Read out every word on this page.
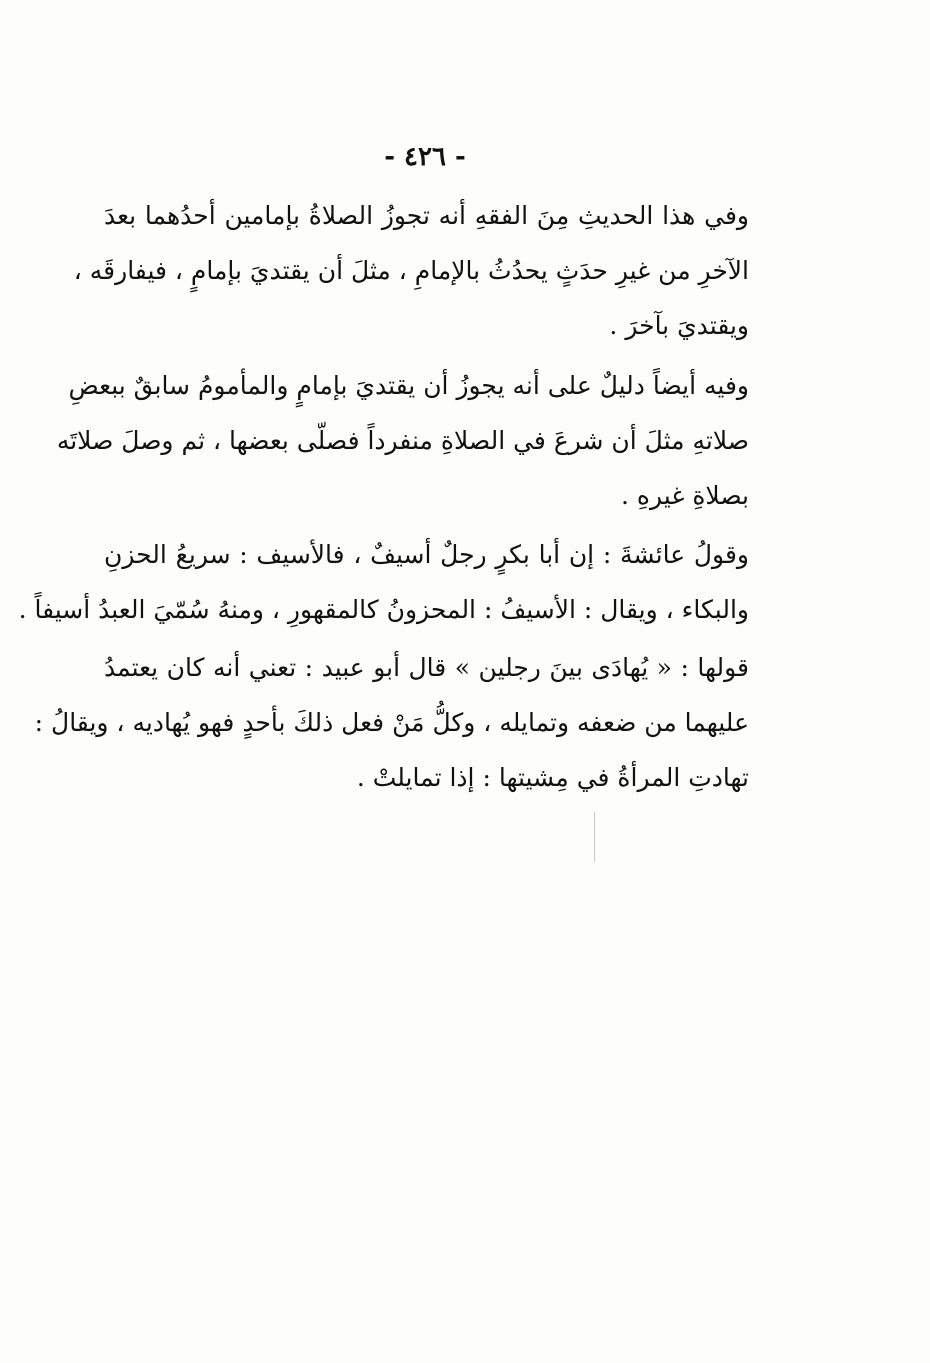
- ٤٢٦ -
وفي هذا الحديثِ مِنَ الفقهِ أنه تجوزُ الصلاةُ بإمامين أحدُهما بعدَ
الآخرِ من غيرِ حدَثٍ يحدُثُ بالإمامِ ، مثلَ أن يقتديَ بإمامٍ ، فيفارقَه ،
ويقتديَ بآخرَ .
وفيه أيضاً دليلٌ على أنه يجوزُ أن يقتديَ بإمامٍ والمأمومُ سابقٌ ببعضِ
صلاتهِ مثلَ أن شرعَ في الصلاةِ منفرداً فصلّى بعضها ، ثم وصلَ صلاتَه
بصلاةِ غيرهِ .
وقولُ عائشةَ : إن أبا بكرٍ رجلٌ أسيفٌ ، فالأسيف : سريعُ الحزنِ
والبكاء ، ويقال : الأسيفُ : المحزونُ كالمقهورِ ، ومنهُ سُمّيَ العبدُ أسيفاً .
قولها : « يُهادَى بينَ رجلين » قال أبو عبيد : تعني أنه كان يعتمدُ
عليهما من ضعفه وتمايله ، وكلُّ مَنْ فعل ذلكَ بأحدٍ فهو يُهاديه ، ويقالُ :
تهادتِ المرأةُ في مِشيتها : إذا تمايلتْ .
